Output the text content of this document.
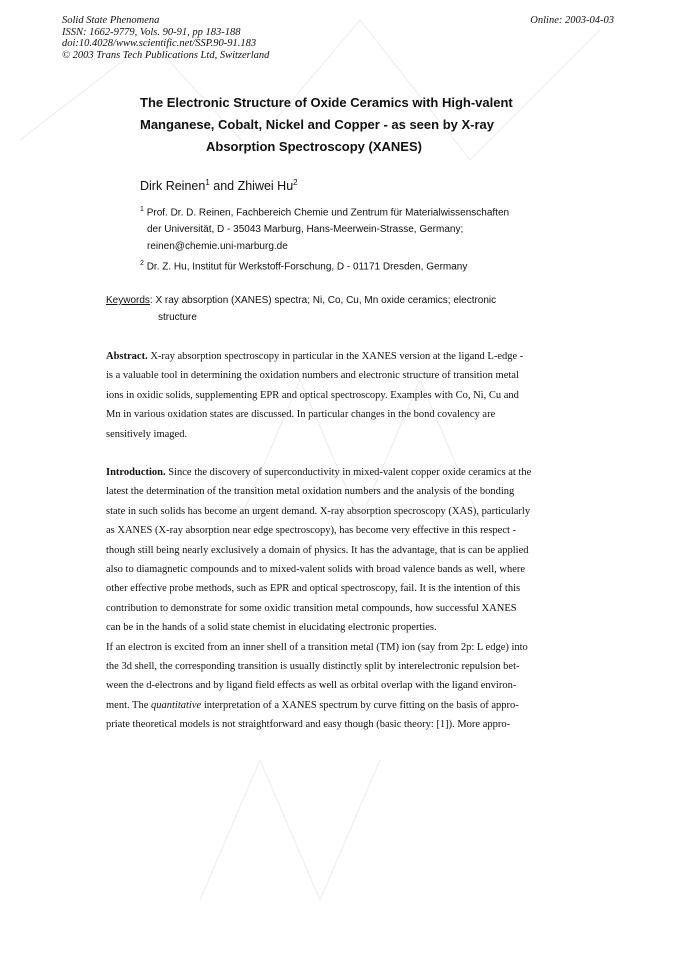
Solid State Phenomena
ISSN: 1662-9779, Vols. 90-91, pp 183-188
doi:10.4028/www.scientific.net/SSP.90-91.183
© 2003 Trans Tech Publications Ltd, Switzerland
Online: 2003-04-03
The Electronic Structure of Oxide Ceramics with High-valent
Manganese, Cobalt, Nickel and Copper - as seen by X-ray
Absorption Spectroscopy (XANES)
Dirk Reinen$^1$ and Zhiwei Hu$^2$
$^1$ Prof. Dr. D. Reinen, Fachbereich Chemie und Zentrum für Materialwissenschaften
der Universität, D - 35043 Marburg, Hans-Meerwein-Strasse, Germany;
reinen@chemie.uni-marburg.de
$^2$ Dr. Z. Hu, Institut für Werkstoff-Forschung, D - 01171 Dresden, Germany
Keywords: X ray absorption (XANES) spectra; Ni, Co, Cu, Mn oxide ceramics; electronic
structure
Abstract. X-ray absorption spectroscopy in particular in the XANES version at the ligand L-edge -
is a valuable tool in determining the oxidation numbers and electronic structure of transition metal
ions in oxidic solids, supplementing EPR and optical spectroscopy. Examples with Co, Ni, Cu and
Mn in various oxidation states are discussed. In particular changes in the bond covalency are
sensitively imaged.
Introduction. Since the discovery of superconductivity in mixed-valent copper oxide ceramics at the
latest the determination of the transition metal oxidation numbers and the analysis of the bonding
state in such solids has become an urgent demand. X-ray absorption specroscopy (XAS), particularly
as XANES (X-ray absorption near edge spectroscopy), has become very effective in this respect -
though still being nearly exclusively a domain of physics. It has the advantage, that is can be applied
also to diamagnetic compounds and to mixed-valent solids with broad valence bands as well, where
other effective probe methods, such as EPR and optical spectroscopy, fail. It is the intention of this
contribution to demonstrate for some oxidic transition metal compounds, how successful XANES
can be in the hands of a solid state chemist in elucidating electronic properties.
If an electron is excited from an inner shell of a transition metal (TM) ion (say from 2p: L edge) into
the 3d shell, the corresponding transition is usually distinctly split by interelectronic repulsion bet-
ween the d-electrons and by ligand field effects as well as orbital overlap with the ligand environ-
ment. The quantitative interpretation of a XANES spectrum by curve fitting on the basis of appro-
priate theoretical models is not straightforward and easy though (basic theory: [1]). More appro-
